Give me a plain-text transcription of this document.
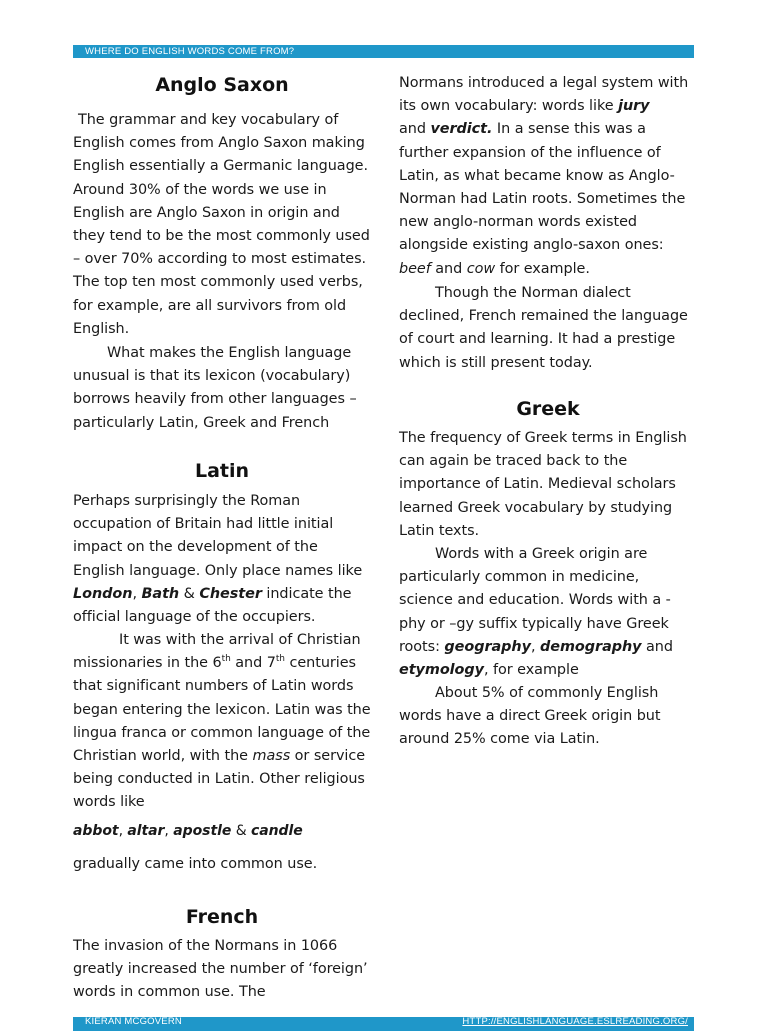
WHERE DO ENGLISH WORDS COME FROM?
Anglo Saxon

The grammar and key vocabulary of English comes from Anglo Saxon making English essentially a Germanic language. Around 30% of the words we use in English are Anglo Saxon in origin and they tend to be the most commonly used – over 70% according to most estimates. The top ten most commonly used verbs, for example, are all survivors from old English.

What makes the English language unusual is that its lexicon (vocabulary) borrows heavily from other languages – particularly Latin, Greek and French

Latin

Perhaps surprisingly the Roman occupation of Britain had little initial impact on the development of the English language. Only place names like London, Bath & Chester indicate the official language of the occupiers.

It was with the arrival of Christian missionaries in the 6th and 7th centuries that significant numbers of Latin words began entering the lexicon. Latin was the lingua franca or common language of the Christian world, with the mass or service being conducted in Latin. Other religious words like

abbot, altar, apostle & candle

gradually came into common use.

French

The invasion of the Normans in 1066 greatly increased the number of ‘foreign’ words in common use. The

Normans introduced a legal system with its own vocabulary: words like jury
and verdict. In a sense this was a further expansion of the influence of Latin, as what became know as Anglo-Norman had Latin roots. Sometimes the new anglo-norman words existed alongside existing anglo-saxon ones: beef and cow for example.

Though the Norman dialect declined, French remained the language of court and learning. It had a prestige which is still present today.

Greek

The frequency of Greek terms in English can again be traced back to the importance of Latin. Medieval scholars learned Greek vocabulary by studying Latin texts.

Words with a Greek origin are particularly common in medicine, science and education. Words with a -phy or –gy suffix typically have Greek roots: geography, demography and etymology, for example

About 5% of commonly English words have a direct Greek origin but around 25% come via Latin.

KIERAN MCGOVERN	HTTP://ENGLISHLANGUAGE.ESLREADING.ORG/
